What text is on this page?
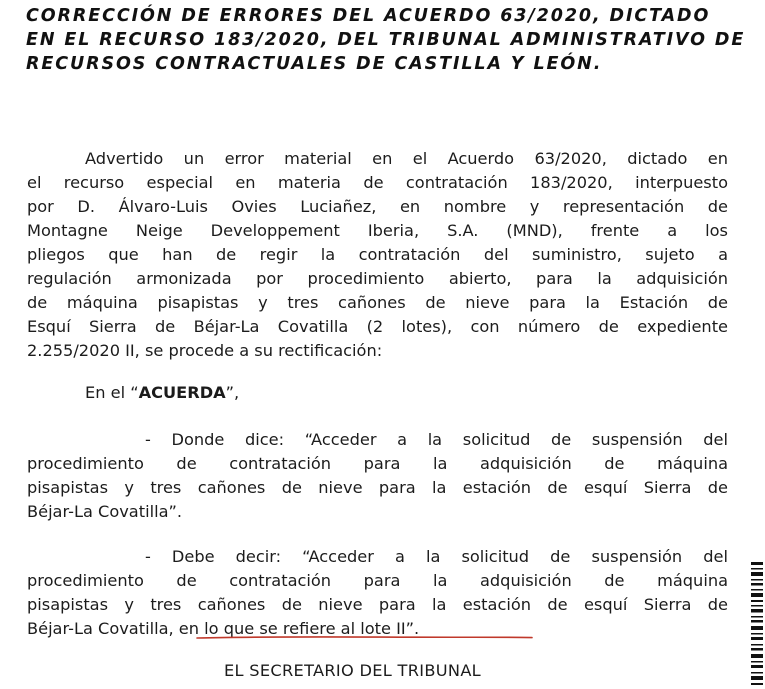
CORRECCIÓN DE ERRORES DEL ACUERDO 63/2020, DICTADO
EN EL RECURSO 183/2020, DEL TRIBUNAL ADMINISTRATIVO DE
RECURSOS CONTRACTUALES DE CASTILLA Y LEÓN.

Advertido un error material en el Acuerdo 63/2020, dictado en
el recurso especial en materia de contratación 183/2020, interpuesto
por D. Álvaro-Luis Ovies Luciañez, en nombre y representación de
Montagne Neige Developpement Iberia, S.A. (MND), frente a los
pliegos que han de regir la contratación del suministro, sujeto a
regulación armonizada por procedimiento abierto, para la adquisición
de máquina pisapistas y tres cañones de nieve para la Estación de
Esquí Sierra de Béjar-La Covatilla (2 lotes), con número de expediente
2.255/2020 II, se procede a su rectificación:

En el “ACUERDA”,

- Donde dice: “Acceder a la solicitud de suspensión del
procedimiento de contratación para la adquisición de máquina
pisapistas y tres cañones de nieve para la estación de esquí Sierra de
Béjar-La Covatilla”.

- Debe decir: “Acceder a la solicitud de suspensión del
procedimiento de contratación para la adquisición de máquina
pisapistas y tres cañones de nieve para la estación de esquí Sierra de
Béjar-La Covatilla, en lo que se refiere al lote II”.

EL SECRETARIO DEL TRIBUNAL
